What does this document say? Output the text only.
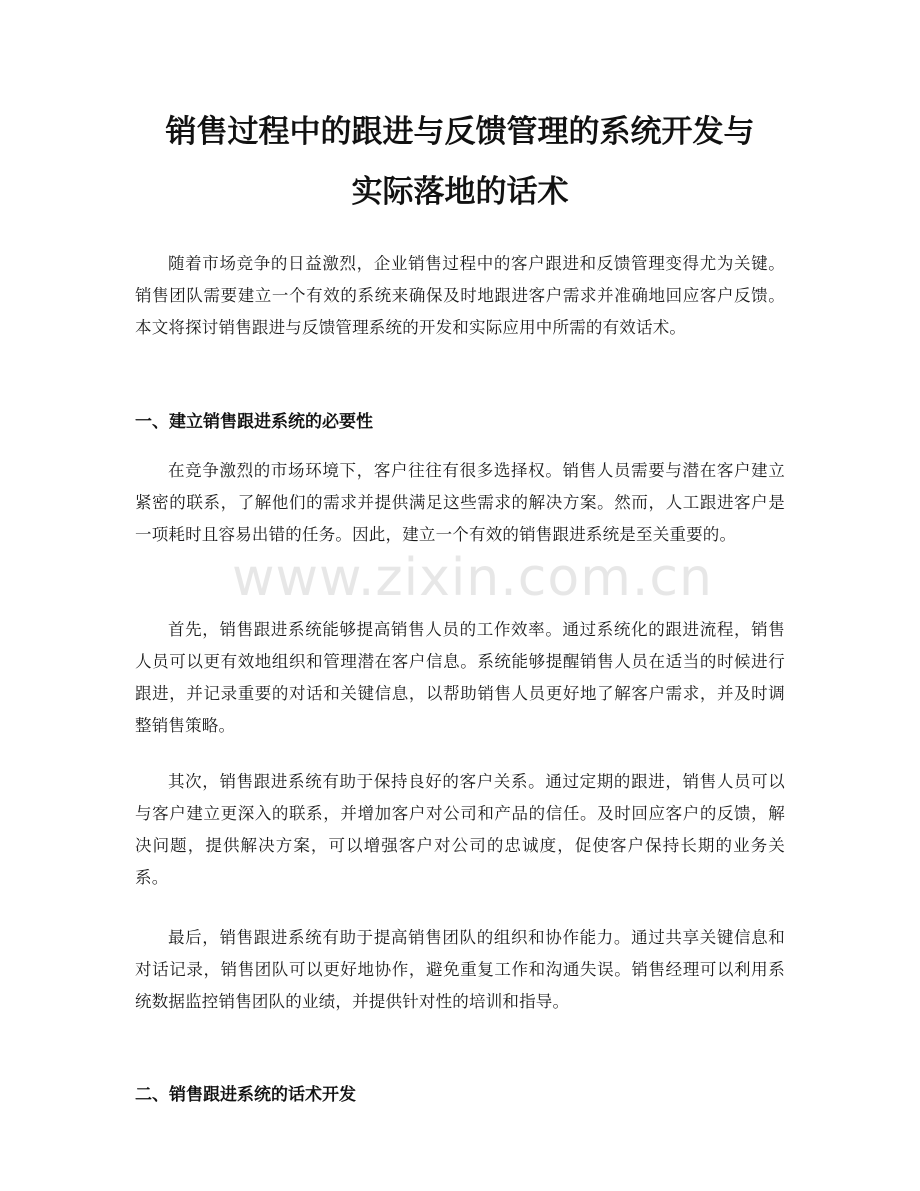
销售过程中的跟进与反馈管理的系统开发与
实际落地的话术

随着市场竞争的日益激烈，企业销售过程中的客户跟进和反馈管理变得尤为关键。销售团队需要建立一个有效的系统来确保及时地跟进客户需求并准确地回应客户反馈。本文将探讨销售跟进与反馈管理系统的开发和实际应用中所需的有效话术。

一、建立销售跟进系统的必要性

在竞争激烈的市场环境下，客户往往有很多选择权。销售人员需要与潜在客户建立紧密的联系，了解他们的需求并提供满足这些需求的解决方案。然而，人工跟进客户是一项耗时且容易出错的任务。因此，建立一个有效的销售跟进系统是至关重要的。

首先，销售跟进系统能够提高销售人员的工作效率。通过系统化的跟进流程，销售人员可以更有效地组织和管理潜在客户信息。系统能够提醒销售人员在适当的时候进行跟进，并记录重要的对话和关键信息，以帮助销售人员更好地了解客户需求，并及时调整销售策略。

其次，销售跟进系统有助于保持良好的客户关系。通过定期的跟进，销售人员可以与客户建立更深入的联系，并增加客户对公司和产品的信任。及时回应客户的反馈，解决问题，提供解决方案，可以增强客户对公司的忠诚度，促使客户保持长期的业务关系。

最后，销售跟进系统有助于提高销售团队的组织和协作能力。通过共享关键信息和对话记录，销售团队可以更好地协作，避免重复工作和沟通失误。销售经理可以利用系统数据监控销售团队的业绩，并提供针对性的培训和指导。

二、销售跟进系统的话术开发
www.zixin.com.cn
